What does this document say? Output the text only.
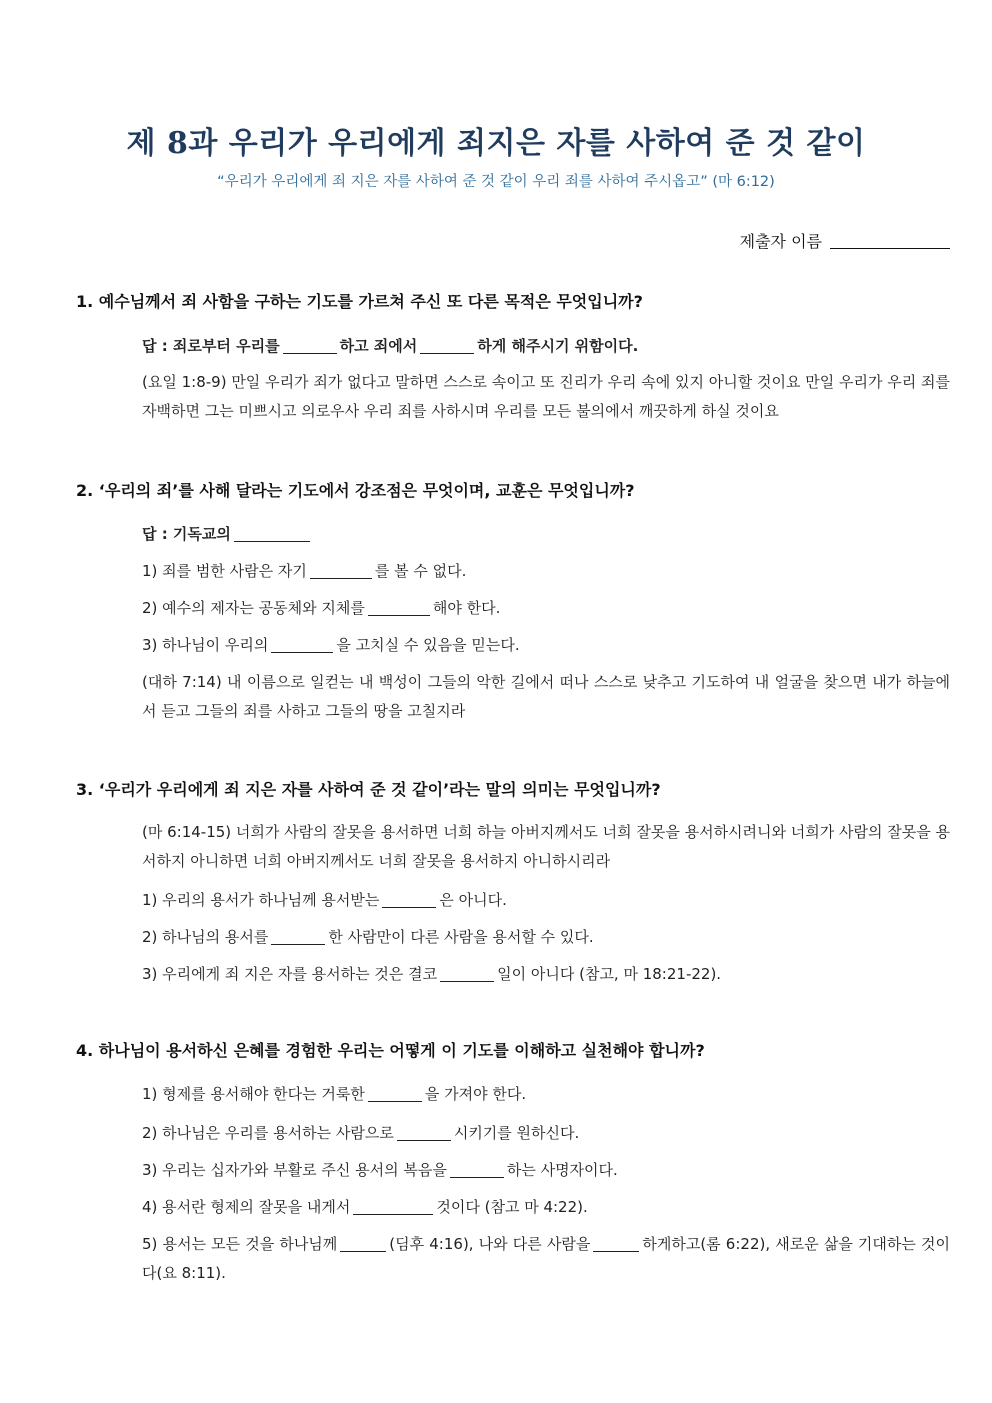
제 8과 우리가 우리에게 죄지은 자를 사하여 준 것 같이
“우리가 우리에게 죄 지은 자를 사하여 준 것 같이 우리 죄를 사하여 주시옵고” (마 6:12)
제출자 이름
1. 예수님께서 죄 사함을 구하는 기도를 가르쳐 주신 또 다른 목적은 무엇입니까?
답 : 죄로부터 우리를	하고 죄에서	하게 해주시기 위함이다.
(요일 1:8-9) 만일 우리가 죄가 없다고 말하면 스스로 속이고 또 진리가 우리 속에 있지 아니할 것이요 만일 우리가 우리 죄를 자백하면 그는 미쁘시고 의로우사 우리 죄를 사하시며 우리를 모든 불의에서 깨끗하게 하실 것이요
2. ‘우리의 죄’를 사해 달라는 기도에서 강조점은 무엇이며, 교훈은 무엇입니까?
답 : 기독교의
1) 죄를 범한 사람은 자기	를 볼 수 없다.
2) 예수의 제자는 공동체와 지체를	해야 한다.
3) 하나님이 우리의	을 고치실 수 있음을 믿는다.
(대하 7:14) 내 이름으로 일컫는 내 백성이 그들의 악한 길에서 떠나 스스로 낮추고 기도하여 내 얼굴을 찾으면 내가 하늘에서 듣고 그들의 죄를 사하고 그들의 땅을 고칠지라
3. ‘우리가 우리에게 죄 지은 자를 사하여 준 것 같이’라는 말의 의미는 무엇입니까?
(마 6:14-15) 너희가 사람의 잘못을 용서하면 너희 하늘 아버지께서도 너희 잘못을 용서하시려니와 너희가 사람의 잘못을 용서하지 아니하면 너희 아버지께서도 너희 잘못을 용서하지 아니하시리라
1) 우리의 용서가 하나님께 용서받는	은 아니다.
2) 하나님의 용서를	한 사람만이 다른 사람을 용서할 수 있다.
3) 우리에게 죄 지은 자를 용서하는 것은 결코	일이 아니다 (참고, 마 18:21-22).
4. 하나님이 용서하신 은혜를 경험한 우리는 어떻게 이 기도를 이해하고 실천해야 합니까?
1) 형제를 용서해야 한다는 거룩한	을 가져야 한다.
2) 하나님은 우리를 용서하는 사람으로	시키기를 원하신다.
3) 우리는 십자가와 부활로 주신 용서의 복음을	하는 사명자이다.
4) 용서란 형제의 잘못을 내게서	것이다 (참고 마 4:22).
5) 용서는 모든 것을 하나님께	(딤후 4:16), 나와 다른 사람을	하게하고(롬 6:22), 새로운 삶을 기대하는 것이다(요 8:11).
